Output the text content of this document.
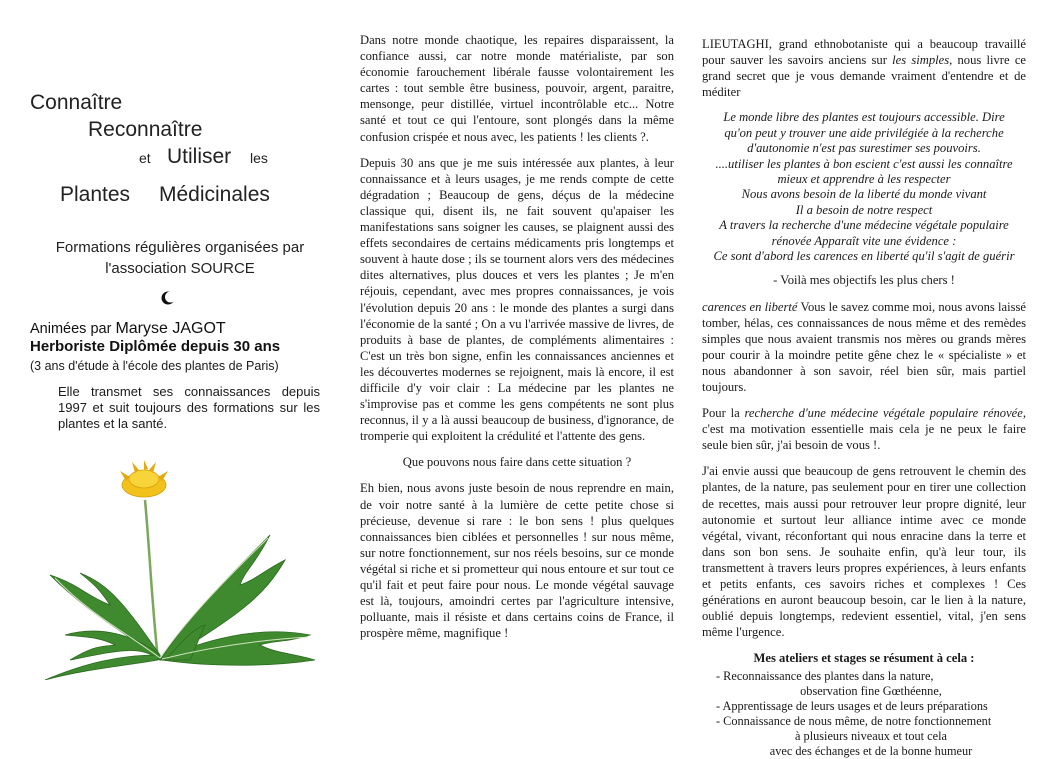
Connaître
Reconnaître
et Utiliser les
Plantes Médicinales
Formations régulières organisées par
l'association SOURCE
Animées par Maryse JAGOT
Herboriste Diplômée depuis 30 ans
(3 ans d'étude à l'école des plantes de Paris)
Elle transmet ses connaissances depuis 1997 et suit toujours des formations sur les plantes et la santé.

Dans notre monde chaotique, les repaires disparaissent, la confiance aussi, car notre monde matérialiste, par son économie farouchement libérale fausse volontairement les cartes : tout semble être business, pouvoir, argent, paraitre, mensonge, peur distillée, virtuel incontrôlable etc... Notre santé et tout ce qui l'entoure, sont plongés dans la même confusion crispée et nous avec, les patients ! les clients ?.

Depuis 30 ans que je me suis intéressée aux plantes, à leur connaissance et à leurs usages, je me rends compte de cette dégradation ; Beaucoup de gens, déçus de la médecine classique qui, disent ils, ne fait souvent qu'apaiser les manifestations sans soigner les causes, se plaignent aussi des effets secondaires de certains médicaments pris longtemps et souvent à haute dose ; ils se tournent alors vers des médecines dites alternatives, plus douces et vers les plantes ; Je m'en réjouis, cependant, avec mes propres connaissances, je vois l'évolution depuis 20 ans : le monde des plantes a surgi dans l'économie de la santé ; On a vu l'arrivée massive de livres, de produits à base de plantes, de compléments alimentaires : C'est un très bon signe, enfin les connaissances anciennes et les découvertes modernes se rejoignent, mais là encore, il est difficile d'y voir clair : La médecine par les plantes ne s'improvise pas et comme les gens compétents ne sont plus reconnus, il y a là aussi beaucoup de business, d'ignorance, de tromperie qui exploitent la crédulité et l'attente des gens.

Que pouvons nous faire dans cette situation ?

Eh bien, nous avons juste besoin de nous reprendre en main, de voir notre santé à la lumière de cette petite chose si précieuse, devenue si rare : le bon sens ! plus quelques connaissances bien ciblées et personnelles ! sur nous même, sur notre fonctionnement, sur nos réels besoins, sur ce monde végétal si riche et si prometteur qui nous entoure et sur tout ce qu'il fait et peut faire pour nous. Le monde végétal sauvage est là, toujours, amoindri certes par l'agriculture intensive, polluante, mais il résiste et dans certains coins de France, il prospère même, magnifique !

LIEUTAGHI, grand ethnobotaniste qui a beaucoup travaillé pour sauver les savoirs anciens sur les simples, nous livre ce grand secret que je vous demande vraiment d'entendre et de méditer

Le monde libre des plantes est toujours accessible. Dire
qu'on peut y trouver une aide privilégiée à la recherche
d'autonomie n'est pas surestimer ses pouvoirs.
....utiliser les plantes à bon escient c'est aussi les connaître
mieux et apprendre à les respecter
Nous avons besoin de la liberté du monde vivant
Il a besoin de notre respect
A travers la recherche d'une médecine végétale populaire
rénovée Apparaît vite une évidence :
Ce sont d'abord les carences en liberté qu'il s'agit de guérir

- Voilà mes objectifs les plus chers !

carences en liberté Vous le savez comme moi, nous avons laissé tomber, hélas, ces connaissances de nous même et des remèdes simples que nous avaient transmis nos mères ou grands mères pour courir à la moindre petite gêne chez le « spécialiste » et nous abandonner à son savoir, réel bien sûr, mais partiel toujours.

Pour la recherche d'une médecine végétale populaire rénovée, c'est ma motivation essentielle mais cela je ne peux le faire seule bien sûr, j'ai besoin de vous !.

J'ai envie aussi que beaucoup de gens retrouvent le chemin des plantes, de la nature, pas seulement pour en tirer une collection de recettes, mais aussi pour retrouver leur propre dignité, leur autonomie et surtout leur alliance intime avec ce monde végétal, vivant, réconfortant qui nous enracine dans la terre et dans son bon sens. Je souhaite enfin, qu'à leur tour, ils transmettent à travers leurs propres expériences, à leurs enfants et petits enfants, ces savoirs riches et complexes ! Ces générations en auront beaucoup besoin, car le lien à la nature, oublié depuis longtemps, redevient essentiel, vital, j'en sens même l'urgence.

Mes ateliers et stages se résument à cela :
- Reconnaissance des plantes dans la nature,
observation fine Gœthéenne,
- Apprentissage de leurs usages et de leurs préparations
- Connaissance de nous même, de notre fonctionnement
à plusieurs niveaux et tout cela
avec des échanges et de la bonne humeur
